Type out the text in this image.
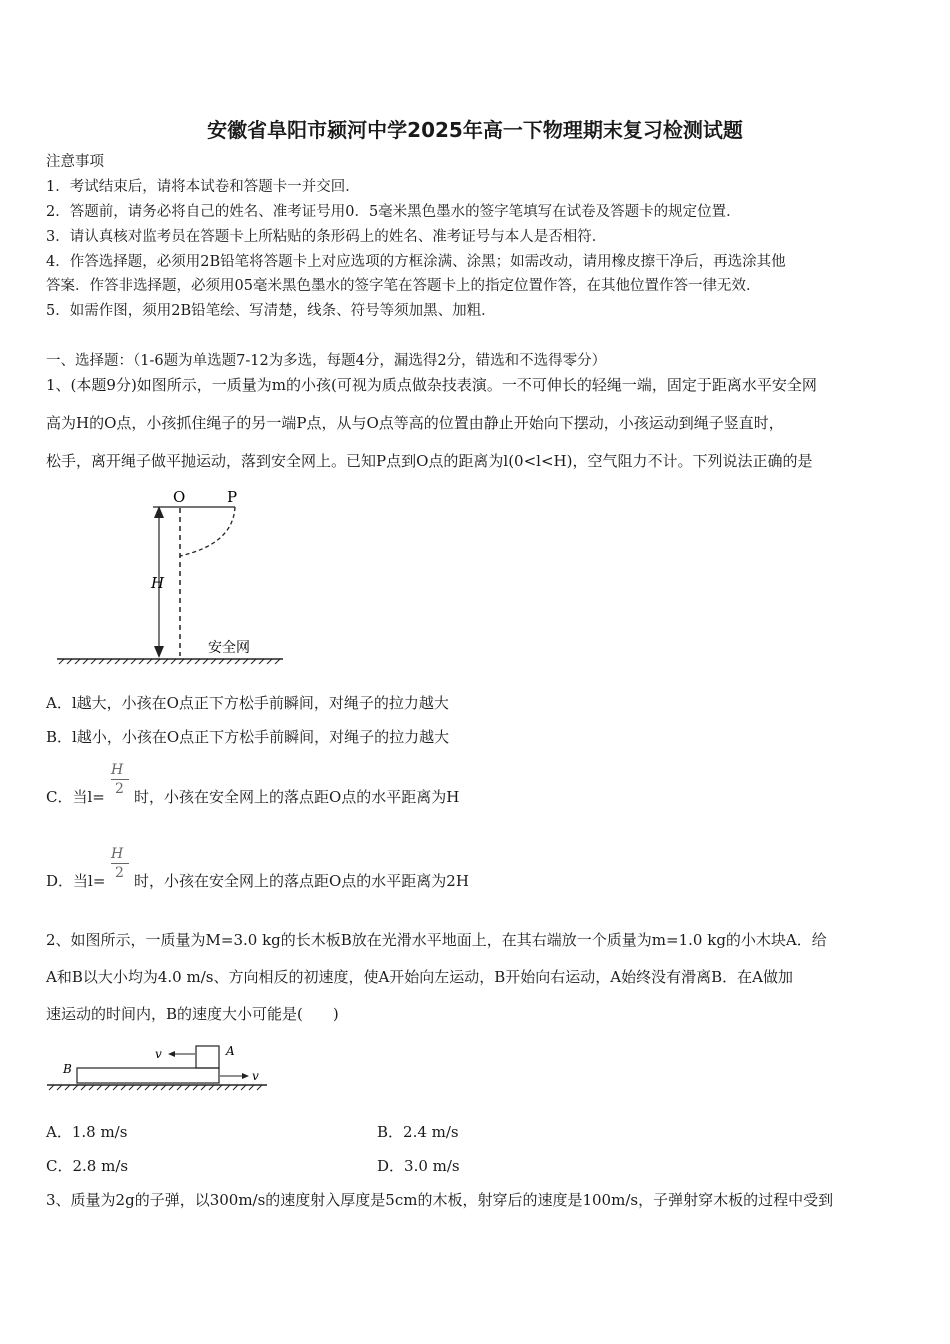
安徽省阜阳市颍河中学2025年高一下物理期末复习检测试题
注意事项
1．考试结束后，请将本试卷和答题卡一并交回．
2．答题前，请务必将自己的姓名、准考证号用0．5毫米黑色墨水的签字笔填写在试卷及答题卡的规定位置．
3．请认真核对监考员在答题卡上所粘贴的条形码上的姓名、准考证号与本人是否相符．
4．作答选择题，必须用2B铅笔将答题卡上对应选项的方框涂满、涂黑；如需改动，请用橡皮擦干净后，再选涂其他
答案．作答非选择题，必须用05毫米黑色墨水的签字笔在答题卡上的指定位置作答，在其他位置作答一律无效．
5．如需作图，须用2B铅笔绘、写清楚，线条、符号等须加黑、加粗．
一、选择题：（1-6题为单选题7-12为多选，每题4分，漏选得2分，错选和不选得零分）
1、(本题9分)如图所示，一质量为m的小孩(可视为质点做杂技表演。一不可伸长的轻绳一端，固定于距离水平安全网
高为H的O点，小孩抓住绳子的另一端P点，从与O点等高的位置由静止开始向下摆动，小孩运动到绳子竖直时，
松手，离开绳子做平抛运动，落到安全网上。已知P点到O点的距离为l(0<l<H)，空气阻力不计。下列说法正确的是
O	P
H
安全网
A．l越大，小孩在O点正下方松手前瞬间，对绳子的拉力越大
B．l越小，小孩在O点正下方松手前瞬间，对绳子的拉力越大
C．当l=
H
2 时，小孩在安全网上的落点距O点的水平距离为H
D．当l=
H
2 时，小孩在安全网上的落点距O点的水平距离为2H
2、如图所示，一质量为M=3.0 kg的长木板B放在光滑水平地面上，在其右端放一个质量为m=1.0 kg的小木块A．给
A和B以大小均为4.0 m/s、方向相反的初速度，使A开始向左运动，B开始向右运动，A始终没有滑离B．在A做加
速运动的时间内，B的速度大小可能是(　　)
v
v
A
B
A．1.8 m/s	B．2.4 m/s
C．2.8 m/s	D．3.0 m/s
3、质量为2g的子弹，以300m/s的速度射入厚度是5cm的木板，射穿后的速度是100m/s，子弹射穿木板的过程中受到
